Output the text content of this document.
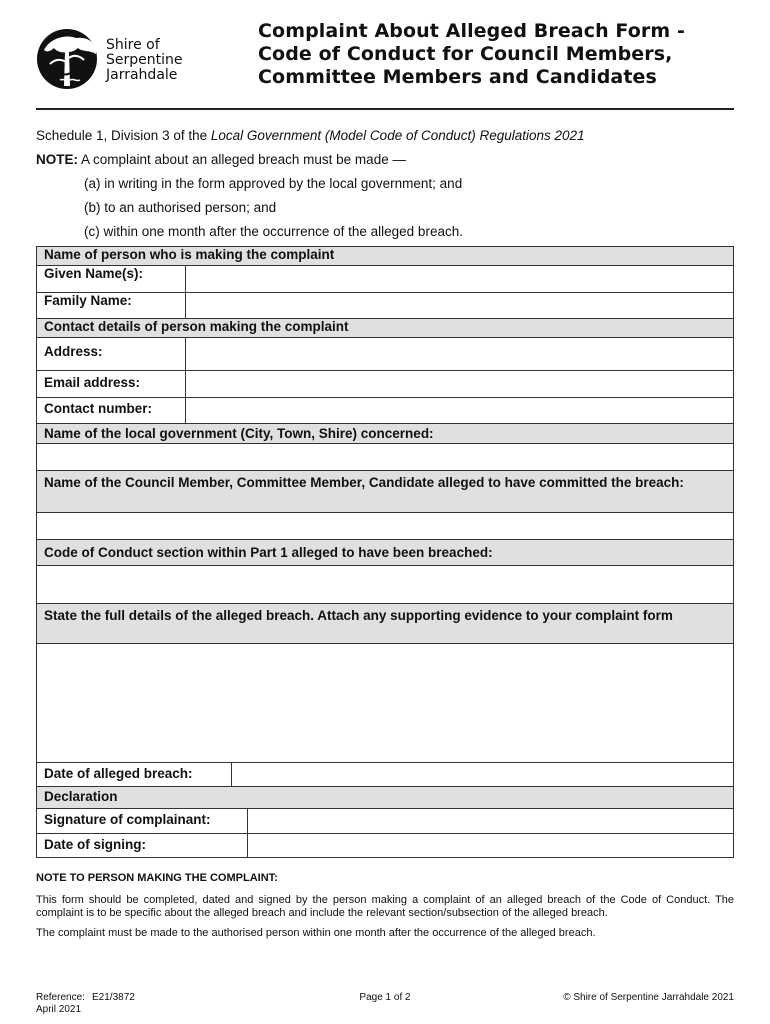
Shire of
Serpentine
Jarrahdale
Complaint About Alleged Breach Form -
Code of Conduct for Council Members,
Committee Members and Candidates
Schedule 1, Division 3 of the Local Government (Model Code of Conduct) Regulations 2021
NOTE: A complaint about an alleged breach must be made —
(a) in writing in the form approved by the local government; and
(b) to an authorised person; and
(c) within one month after the occurrence of the alleged breach.
Name of person who is making the complaint			
Given Name(s):			
Family Name:			
Contact details of person making the complaint			
Address:			
Email address:			
Contact number:			
Name of the local government (City, Town, Shire) concerned:			

Name of the Council Member, Committee Member, Candidate alleged to have committed the breach:			

Code of Conduct section within Part 1 alleged to have been breached:			

State the full details of the alleged breach. Attach any supporting evidence to your complaint form			

Date of alleged breach:			
Declaration			
Signature of complainant:			
Date of signing:			
NOTE TO PERSON MAKING THE COMPLAINT:

This form should be completed, dated and signed by the person making a complaint of an alleged breach of the Code of Conduct. The complaint is to be specific about the alleged breach and include the relevant section/subsection of the alleged breach.

The complaint must be made to the authorised person within one month after the occurrence of the alleged breach.

Reference:
April 2021
E21/3872	Page 1 of 2	© Shire of Serpentine Jarrahdale 2021
